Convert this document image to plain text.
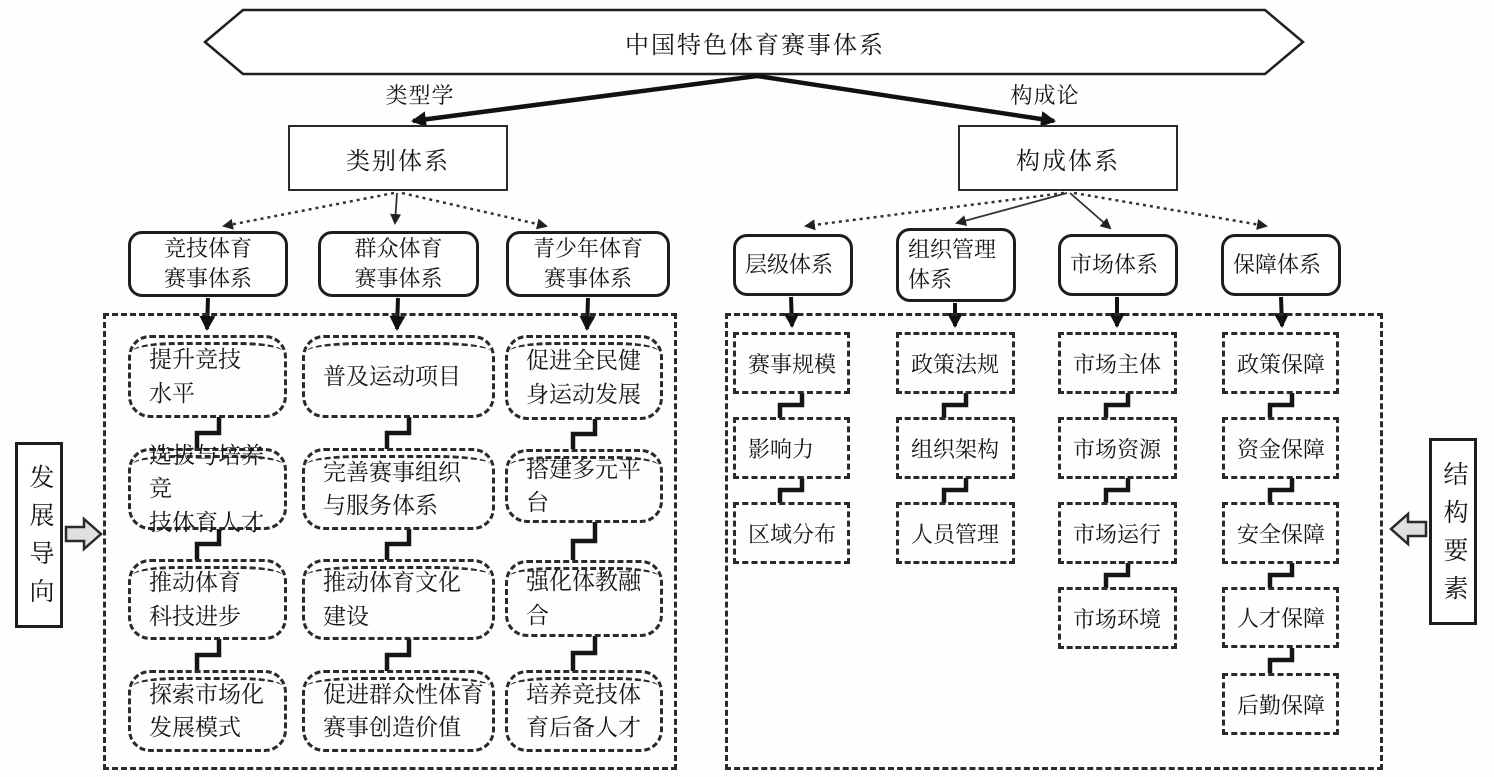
中国特色体育赛事体系
类型学	构成论
类别体系	构成体系
竞技体育
赛事体系
群众体育
赛事体系
青少年体育
赛事体系
层级体系
组织管理
体系
市场体系	保障体系
提升竞技
水平
选拔与培养竞
技体育人才
推动体育
科技进步
探索市场化
发展模式
普及运动项目
完善赛事组织
与服务体系
推动体育文化
建设
促进群众性体育
赛事创造价值
促进全民健
身运动发展
搭建多元平台
强化体教融合
培养竞技体
育后备人才
赛事规模
影响力
区域分布
政策法规
组织架构
人员管理
市场主体
市场资源
市场运行
市场环境
政策保障
资金保障
安全保障
人才保障
后勤保障
发展导向	结构要素
